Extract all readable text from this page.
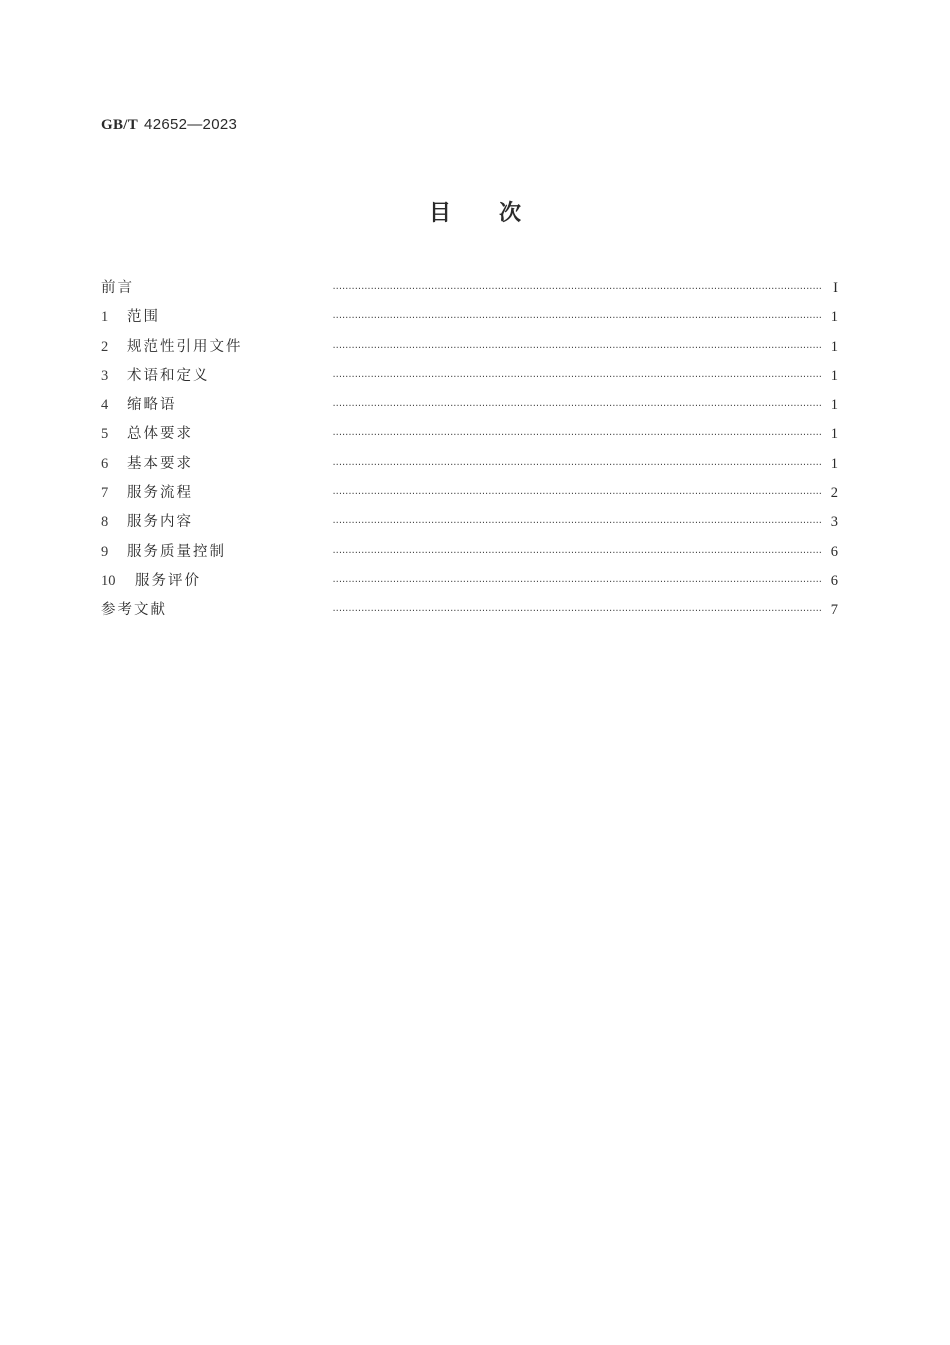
GB/T 42652—2023
目次
前言	·························································································································································· I
1	范围	·························································································································································· 1
2	规范性引用文件	·························································································································································· 1
3	术语和定义	·························································································································································· 1
4	缩略语	·························································································································································· 1
5	总体要求	·························································································································································· 1
6	基本要求	·························································································································································· 1
7	服务流程	·························································································································································· 2
8	服务内容	·························································································································································· 3
9	服务质量控制	·························································································································································· 6
10	服务评价	·························································································································································· 6
参考文献	·························································································································································· 7
